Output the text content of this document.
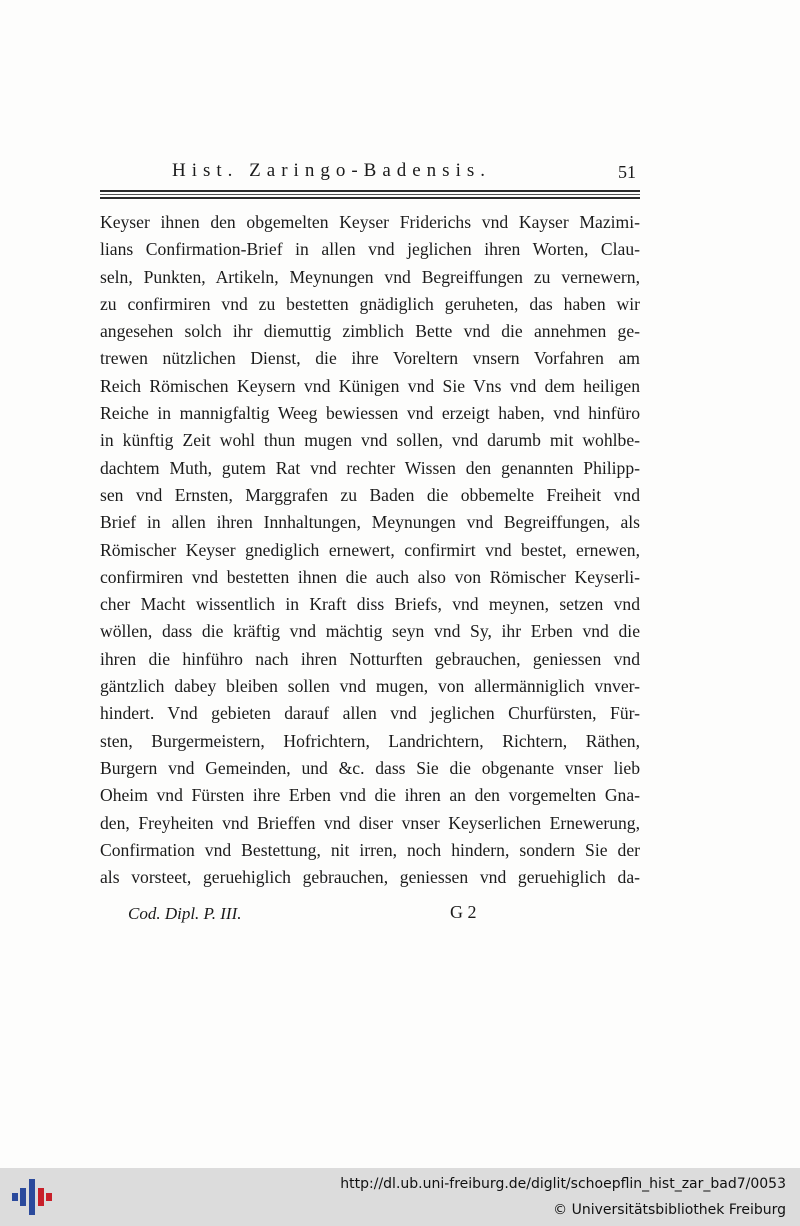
Hist. Zaringo-Badensis.	51
Keyser ihnen den obgemelten Keyser Friderichs vnd Kayser Mazimi-
lians Confirmation-Brief in allen vnd jeglichen ihren Worten, Clau-
seln, Punkten, Artikeln, Meynungen vnd Begreiffungen zu vernewern,
zu confirmiren vnd zu bestetten gnädiglich geruheten, das haben wir
angesehen solch ihr diemuttig zimblich Bette vnd die annehmen ge-
trewen nützlichen Dienst, die ihre Voreltern vnsern Vorfahren am
Reich Römischen Keysern vnd Künigen vnd Sie Vns vnd dem heiligen
Reiche in mannigfaltig Weeg bewiessen vnd erzeigt haben, vnd hinfüro
in künftig Zeit wohl thun mugen vnd sollen, vnd darumb mit wohlbe-
dachtem Muth, gutem Rat vnd rechter Wissen den genannten Philipp-
sen vnd Ernsten, Marggrafen zu Baden die obbemelte Freiheit vnd
Brief in allen ihren Innhaltungen, Meynungen vnd Begreiffungen, als
Römischer Keyser gnediglich ernewert, confirmirt vnd bestet, ernewen,
confirmiren vnd bestetten ihnen die auch also von Römischer Keyserli-
cher Macht wissentlich in Kraft diss Briefs, vnd meynen, setzen vnd
wöllen, dass die kräftig vnd mächtig seyn vnd Sy, ihr Erben vnd die
ihren die hinführo nach ihren Notturften gebrauchen, geniessen vnd
gäntzlich dabey bleiben sollen vnd mugen, von allermänniglich vnver-
hindert. Vnd gebieten darauf allen vnd jeglichen Churfürsten, Für-
sten, Burgermeistern, Hofrichtern, Landrichtern, Richtern, Räthen,
Burgern vnd Gemeinden, und &c. dass Sie die obgenante vnser lieb
Oheim vnd Fürsten ihre Erben vnd die ihren an den vorgemelten Gna-
den, Freyheiten vnd Brieffen vnd diser vnser Keyserlichen Ernewerung,
Confirmation vnd Bestettung, nit irren, noch hindern, sondern Sie der
als vorsteet, geruehiglich gebrauchen, geniessen vnd geruehiglich da-
Cod. Dipl. P. III.	G 2
http://dl.ub.uni-freiburg.de/diglit/schoepflin_hist_zar_bad7/0053
© Universitätsbibliothek Freiburg
